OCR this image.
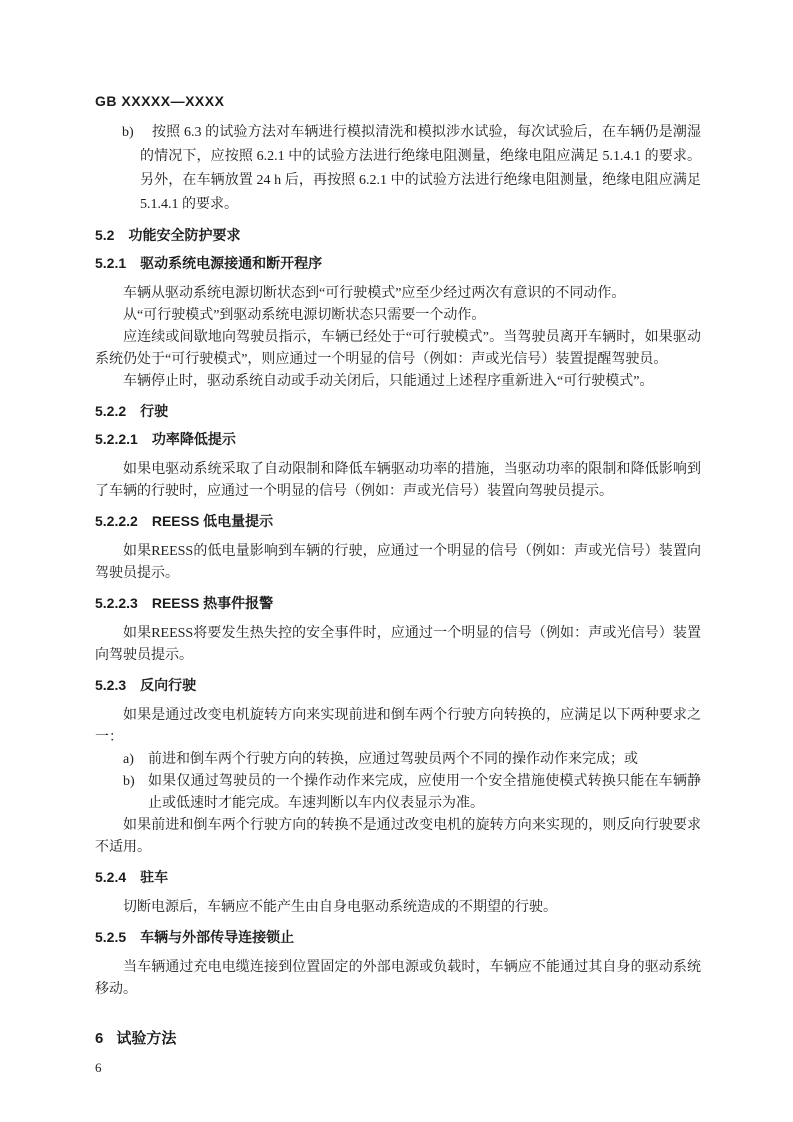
GB XXXXX—XXXX
b) 按照 6.3 的试验方法对车辆进行模拟清洗和模拟涉水试验，每次试验后，在车辆仍是潮湿的情况下，应按照 6.2.1 中的试验方法进行绝缘电阻测量，绝缘电阻应满足 5.1.4.1 的要求。另外，在车辆放置 24 h 后，再按照 6.2.1 中的试验方法进行绝缘电阻测量，绝缘电阻应满足 5.1.4.1 的要求。
5.2 功能安全防护要求
5.2.1 驱动系统电源接通和断开程序

车辆从驱动系统电源切断状态到“可行驶模式”应至少经过两次有意识的不同动作。

从“可行驶模式”到驱动系统电源切断状态只需要一个动作。

应连续或间歇地向驾驶员指示，车辆已经处于“可行驶模式”。当驾驶员离开车辆时，如果驱动系统仍处于“可行驶模式”，则应通过一个明显的信号（例如：声或光信号）装置提醒驾驶员。

车辆停止时，驱动系统自动或手动关闭后，只能通过上述程序重新进入“可行驶模式”。

5.2.2 行驶
5.2.2.1 功率降低提示

如果电驱动系统采取了自动限制和降低车辆驱动功率的措施，当驱动功率的限制和降低影响到了车辆的行驶时，应通过一个明显的信号（例如：声或光信号）装置向驾驶员提示。

5.2.2.2 REESS 低电量提示

如果REESS的低电量影响到车辆的行驶，应通过一个明显的信号（例如：声或光信号）装置向驾驶员提示。

5.2.2.3 REESS 热事件报警

如果REESS将要发生热失控的安全事件时，应通过一个明显的信号（例如：声或光信号）装置向驾驶员提示。

5.2.3 反向行驶

如果是通过改变电机旋转方向来实现前进和倒车两个行驶方向转换的，应满足以下两种要求之一：

a) 前进和倒车两个行驶方向的转换，应通过驾驶员两个不同的操作动作来完成；或
b) 如果仅通过驾驶员的一个操作动作来完成，应使用一个安全措施使模式转换只能在车辆静止或低速时才能完成。车速判断以车内仪表显示为准。

如果前进和倒车两个行驶方向的转换不是通过改变电机的旋转方向来实现的，则反向行驶要求不适用。

5.2.4 驻车

切断电源后，车辆应不能产生由自身电驱动系统造成的不期望的行驶。

5.2.5 车辆与外部传导连接锁止

当车辆通过充电电缆连接到位置固定的外部电源或负载时，车辆应不能通过其自身的驱动系统移动。

6 试验方法
6
